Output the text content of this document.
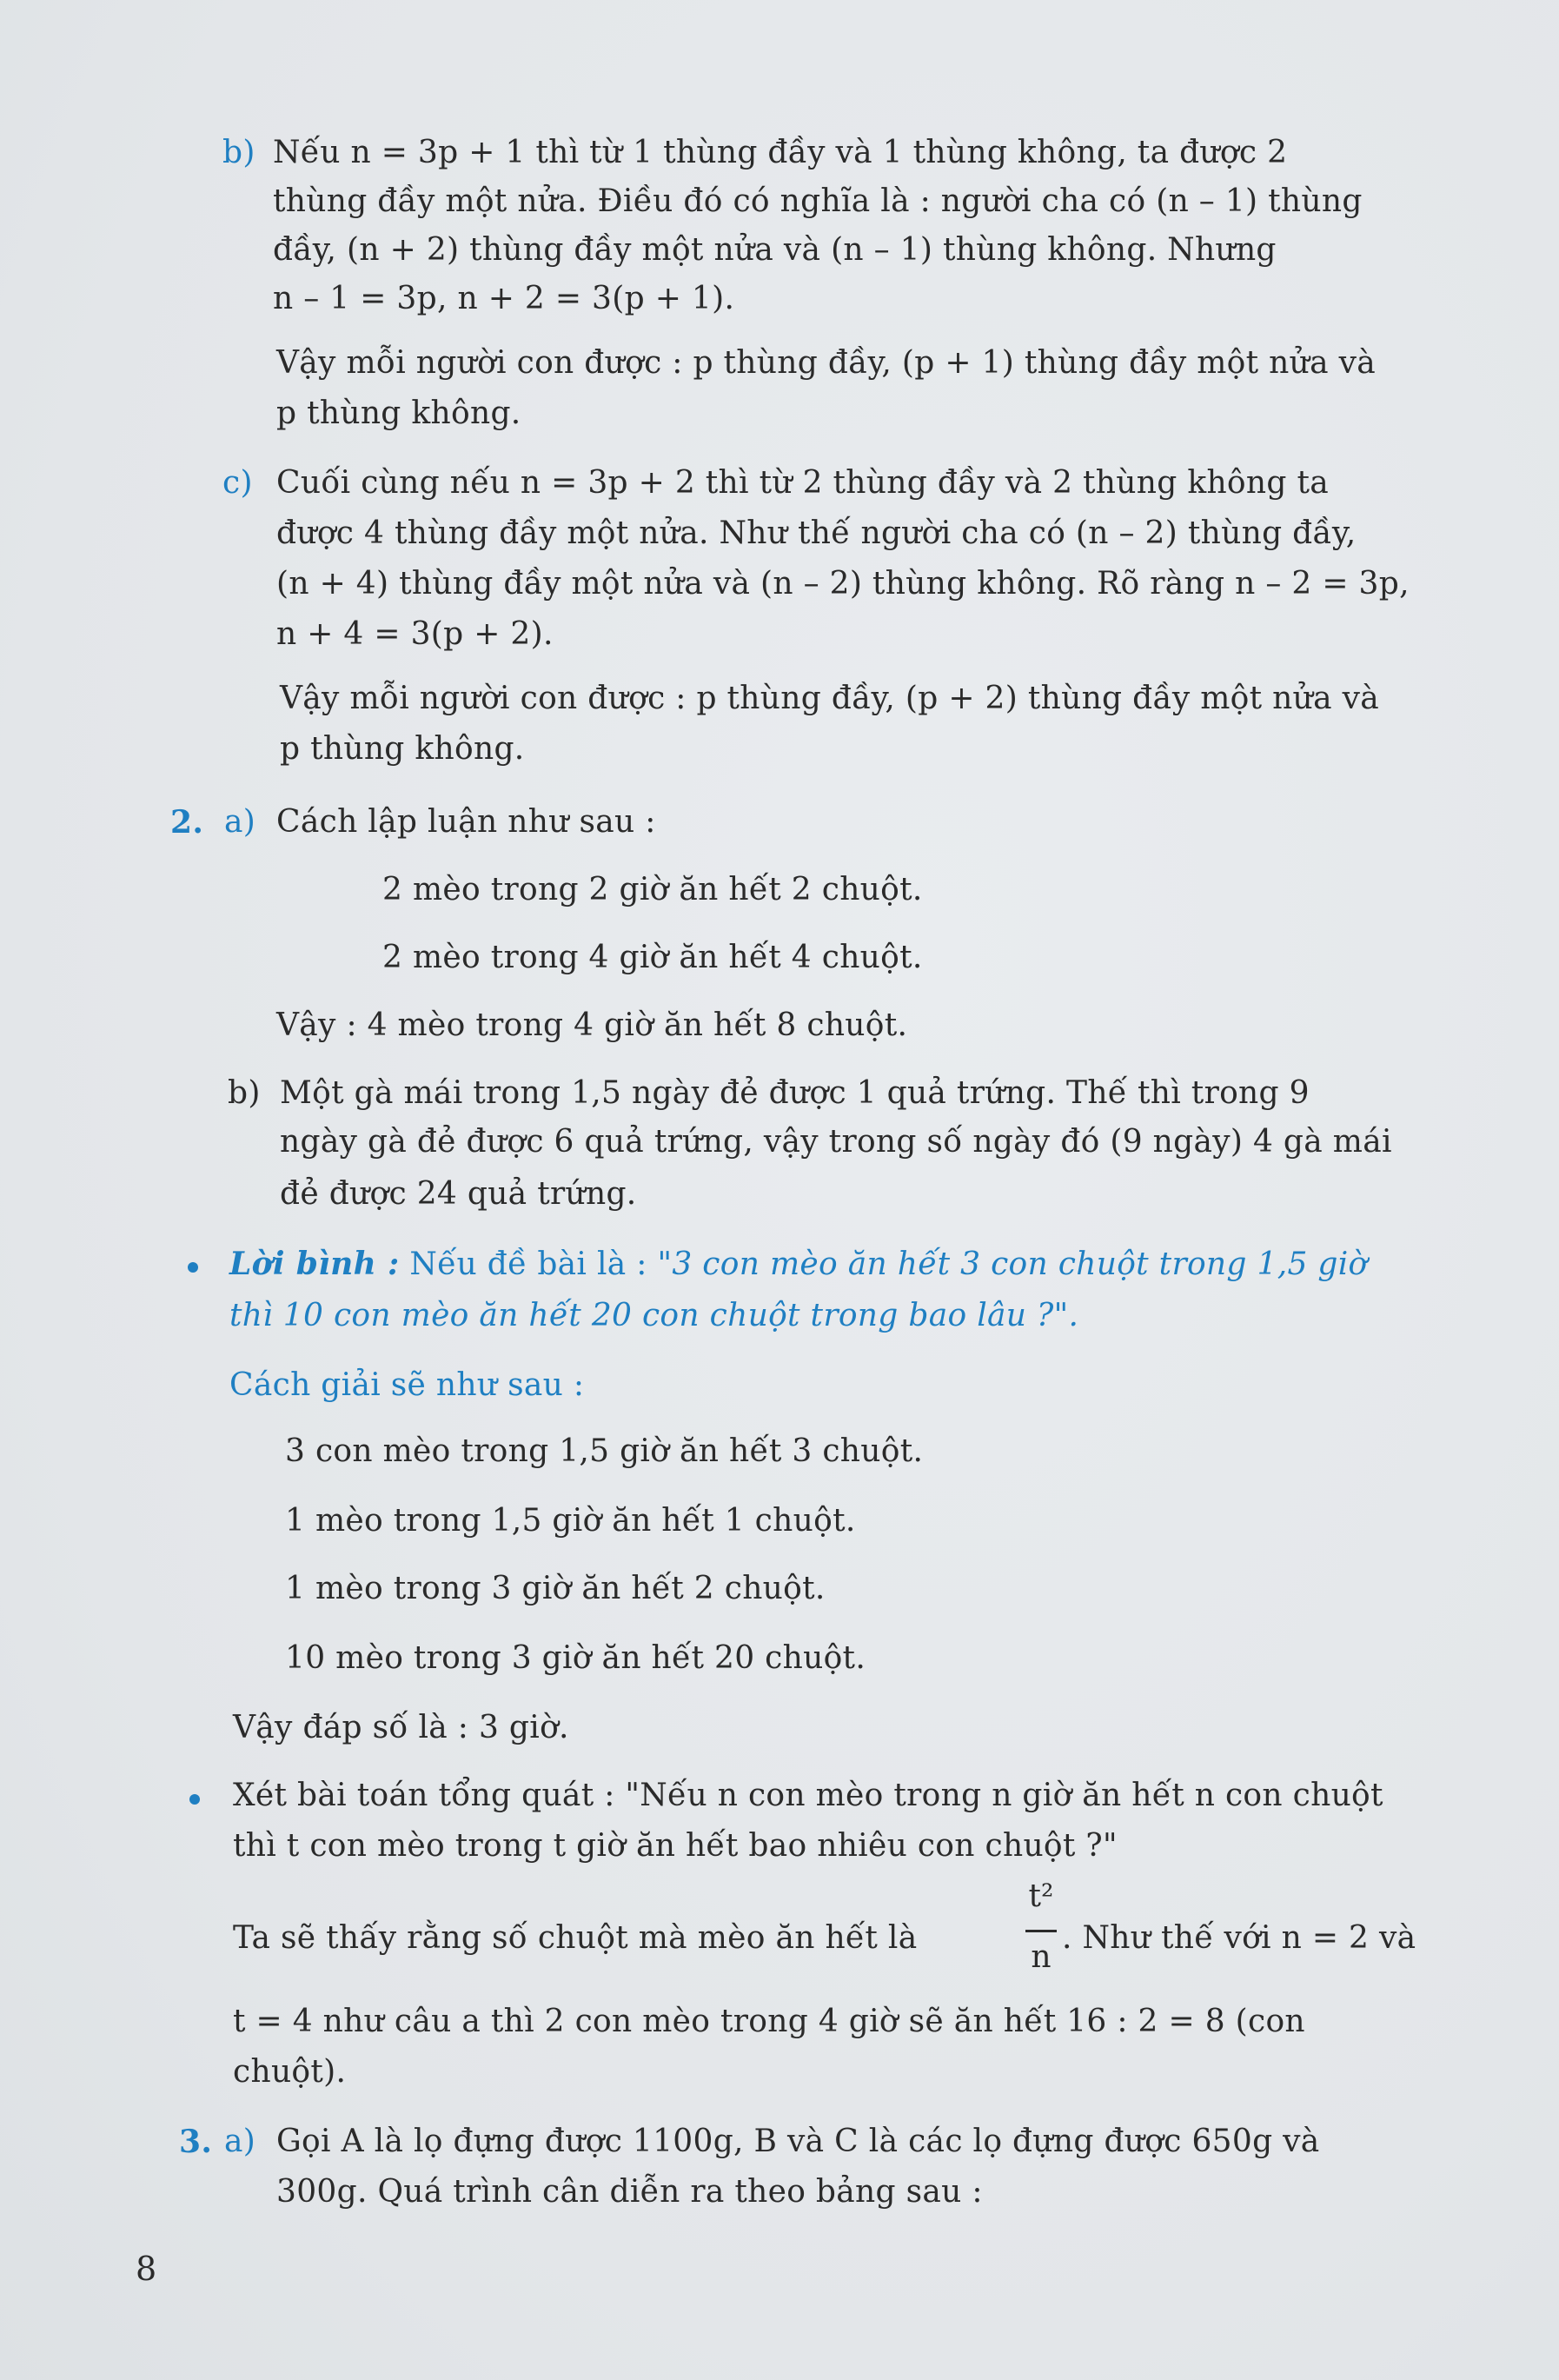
b) Nếu n = 3p + 1 thì từ 1 thùng đầy và 1 thùng không, ta được 2
thùng đầy một nửa. Điều đó có nghĩa là : người cha có (n – 1) thùng
đầy, (n + 2) thùng đầy một nửa và (n – 1) thùng không. Nhưng
n – 1 = 3p, n + 2 = 3(p + 1).
Vậy mỗi người con được : p thùng đầy, (p + 1) thùng đầy một nửa và
p thùng không.
c) Cuối cùng nếu n = 3p + 2 thì từ 2 thùng đầy và 2 thùng không ta
được 4 thùng đầy một nửa. Như thế người cha có (n – 2) thùng đầy,
(n + 4) thùng đầy một nửa và (n – 2) thùng không. Rõ ràng n – 2 = 3p,
n + 4 = 3(p + 2).
Vậy mỗi người con được : p thùng đầy, (p + 2) thùng đầy một nửa và
p thùng không.
2. a) Cách lập luận như sau :
2 mèo trong 2 giờ ăn hết 2 chuột.
2 mèo trong 4 giờ ăn hết 4 chuột.
Vậy : 4 mèo trong 4 giờ ăn hết 8 chuột.
b) Một gà mái trong 1,5 ngày đẻ được 1 quả trứng. Thế thì trong 9
ngày gà đẻ được 6 quả trứng, vậy trong số ngày đó (9 ngày) 4 gà mái
đẻ được 24 quả trứng.
Lời bình : Nếu đề bài là : "3 con mèo ăn hết 3 con chuột trong 1,5 giờ
thì 10 con mèo ăn hết 20 con chuột trong bao lâu ?".
Cách giải sẽ như sau :
3 con mèo trong 1,5 giờ ăn hết 3 chuột.
1 mèo trong 1,5 giờ ăn hết 1 chuột.
1 mèo trong 3 giờ ăn hết 2 chuột.
10 mèo trong 3 giờ ăn hết 20 chuột.
Vậy đáp số là : 3 giờ.
Xét bài toán tổng quát : "Nếu n con mèo trong n giờ ăn hết n con chuột
thì t con mèo trong t giờ ăn hết bao nhiêu con chuột ?"
Ta sẽ thấy rằng số chuột mà mèo ăn hết là
t²
n
. Như thế với n = 2 và
t = 4 như câu a thì 2 con mèo trong 4 giờ sẽ ăn hết 16 : 2 = 8 (con
chuột).
3. a) Gọi A là lọ đựng được 1100g, B và C là các lọ đựng được 650g và
300g. Quá trình cân diễn ra theo bảng sau :
8
